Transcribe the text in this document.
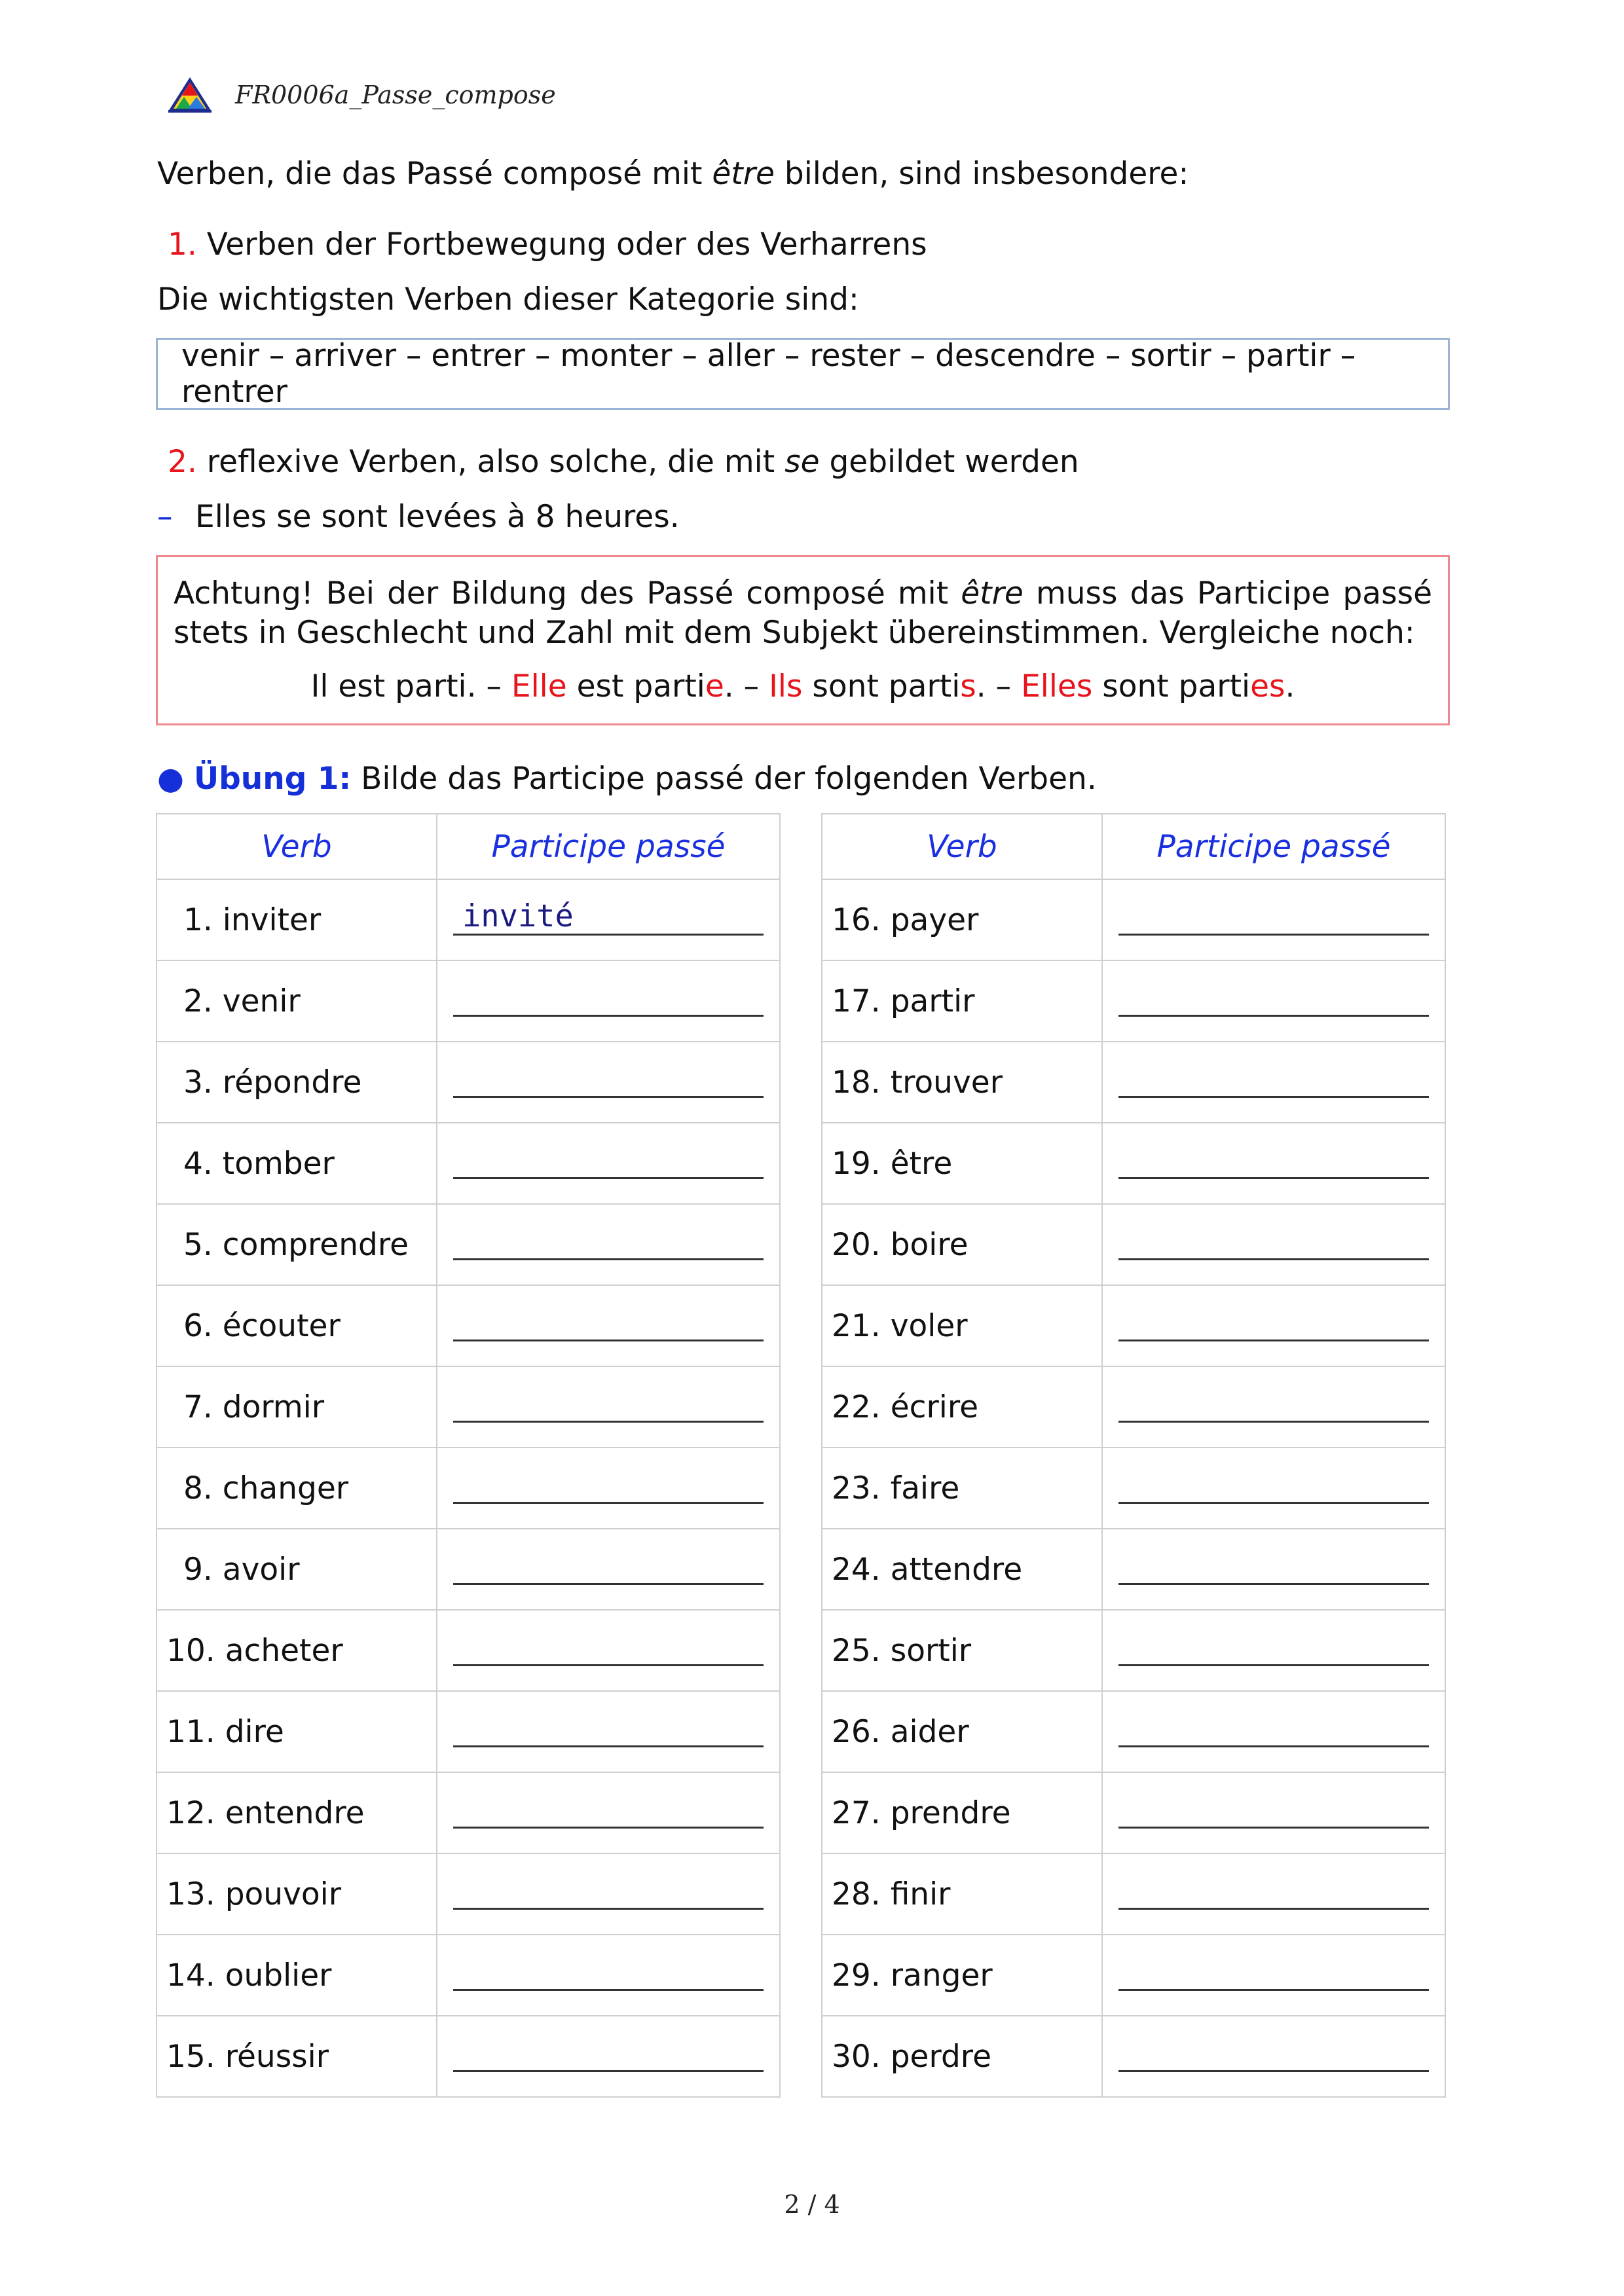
FR0006a_Passe_compose
Verben, die das Passé composé mit être bilden, sind insbesondere:
1. Verben der Fortbewegung oder des Verharrens
Die wichtigsten Verben dieser Kategorie sind:
venir – arriver – entrer – monter – aller – rester – descendre – sortir – partir – rentrer
2. reflexive Verben, also solche, die mit se gebildet werden
– Elles se sont levées à 8 heures.
Achtung! Bei der Bildung des Passé composé mit être muss das Participe passé stets in Geschlecht und Zahl mit dem Subjekt übereinstimmen. Vergleiche noch:
Il est parti. – Elle est partie. – Ils sont partis. – Elles sont parties.
● Übung 1: Bilde das Participe passé der folgenden Verben.
Verb	Participe passé
1. inviter	invité

2. venir	

3. répondre	

4. tomber	

5. comprendre	

6. écouter	

7. dormir	

8. changer	

9. avoir	

10. acheter	

11. dire	

12. entendre	

13. pouvoir	

14. oublier	

15. réussir	
Verb	Participe passé
16. payer	

17. partir	

18. trouver	

19. être	

20. boire	

21. voler	

22. écrire	

23. faire	

24. attendre	

25. sortir	

26. aider	

27. prendre	

28. finir	

29. ranger	

30. perdre	
2 / 4
